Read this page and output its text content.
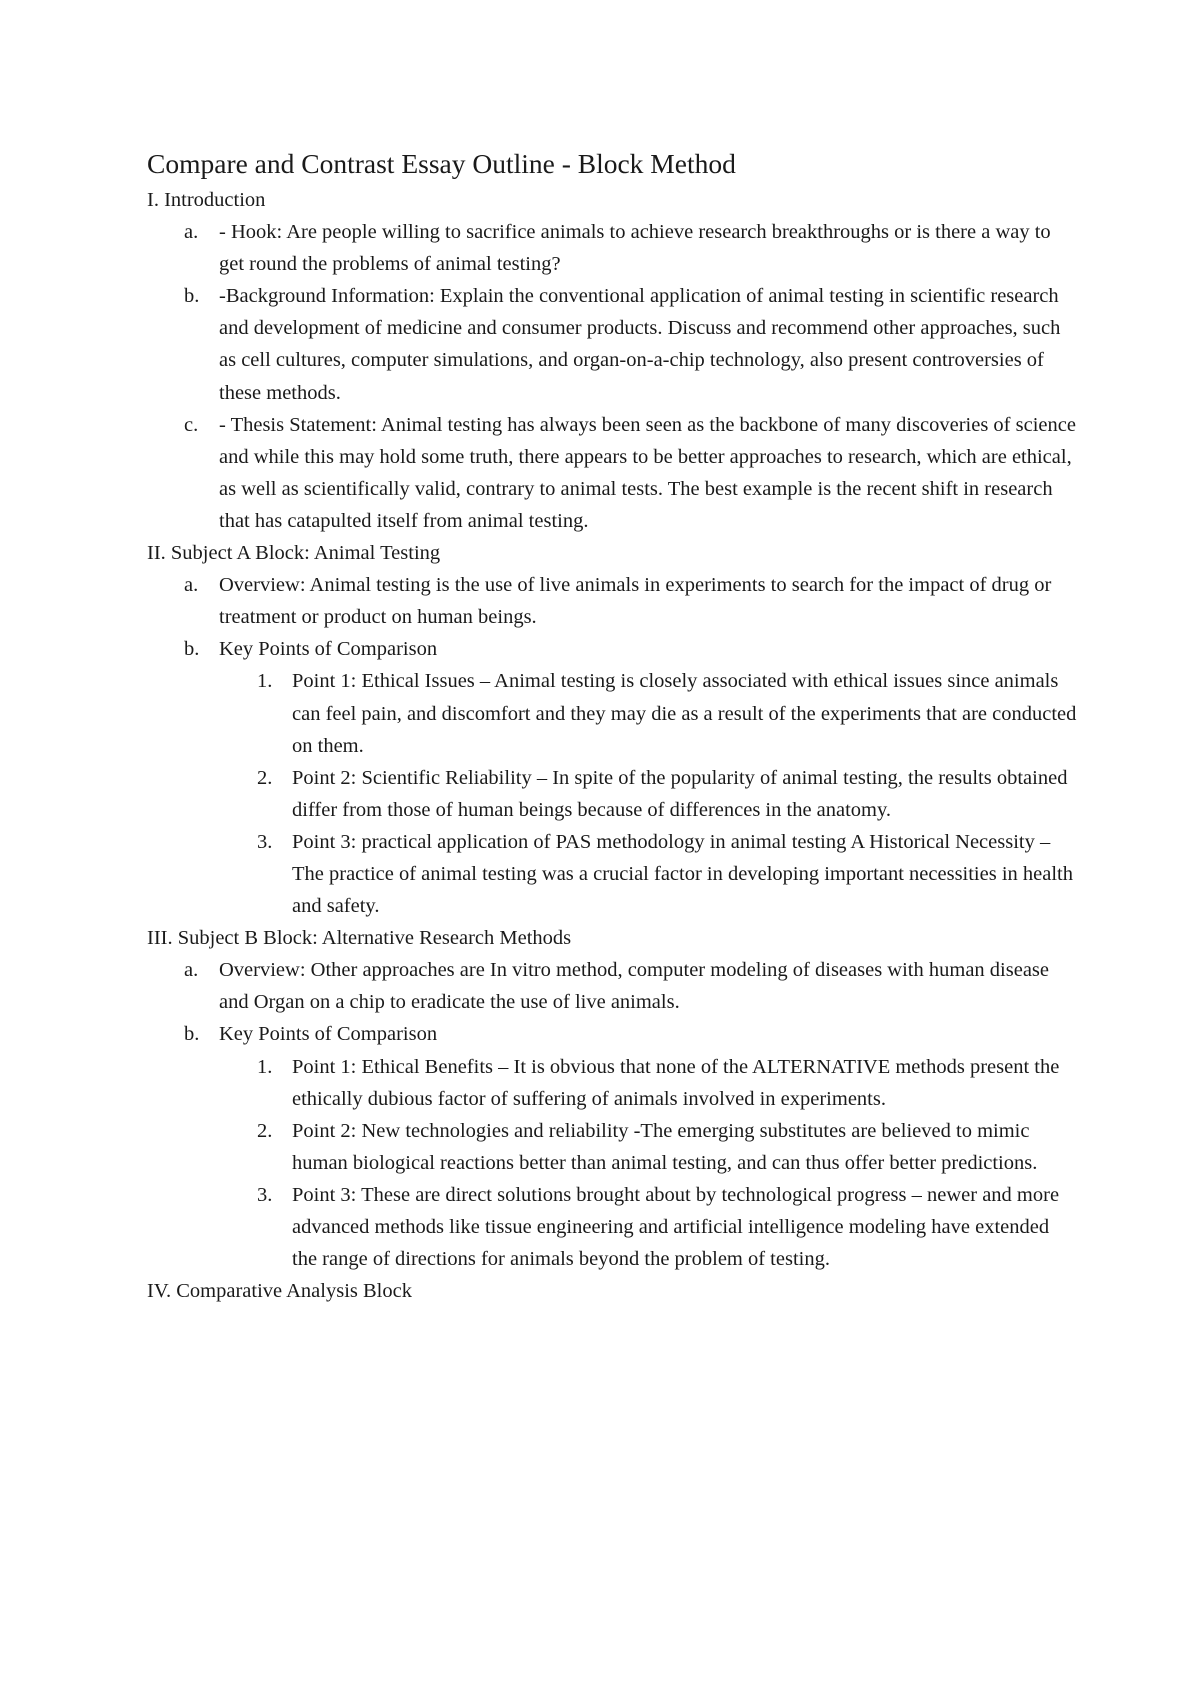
Compare and Contrast Essay Outline - Block Method

I. Introduction

a. - Hook: Are people willing to sacrifice animals to achieve research breakthroughs or is there a way to get round the problems of animal testing?
b. -Background Information: Explain the conventional application of animal testing in scientific research and development of medicine and consumer products. Discuss and recommend other approaches, such as cell cultures, computer simulations, and organ-on-a-chip technology, also present controversies of these methods.
c. - Thesis Statement: Animal testing has always been seen as the backbone of many discoveries of science and while this may hold some truth, there appears to be better approaches to research, which are ethical, as well as scientifically valid, contrary to animal tests. The best example is the recent shift in research that has catapulted itself from animal testing.

II. Subject A Block: Animal Testing

a. Overview: Animal testing is the use of live animals in experiments to search for the impact of drug or treatment or product on human beings.
b. Key Points of Comparison
1. Point 1: Ethical Issues – Animal testing is closely associated with ethical issues since animals can feel pain, and discomfort and they may die as a result of the experiments that are conducted on them.
2. Point 2: Scientific Reliability – In spite of the popularity of animal testing, the results obtained differ from those of human beings because of differences in the anatomy.
3. Point 3: practical application of PAS methodology in animal testing A Historical Necessity – The practice of animal testing was a crucial factor in developing important necessities in health and safety.

III. Subject B Block: Alternative Research Methods

a. Overview: Other approaches are In vitro method, computer modeling of diseases with human disease and Organ on a chip to eradicate the use of live animals.
b. Key Points of Comparison
1. Point 1: Ethical Benefits – It is obvious that none of the ALTERNATIVE methods present the ethically dubious factor of suffering of animals involved in experiments.
2. Point 2: New technologies and reliability -The emerging substitutes are believed to mimic human biological reactions better than animal testing, and can thus offer better predictions.
3. Point 3: These are direct solutions brought about by technological progress – newer and more advanced methods like tissue engineering and artificial intelligence modeling have extended the range of directions for animals beyond the problem of testing.

IV. Comparative Analysis Block
